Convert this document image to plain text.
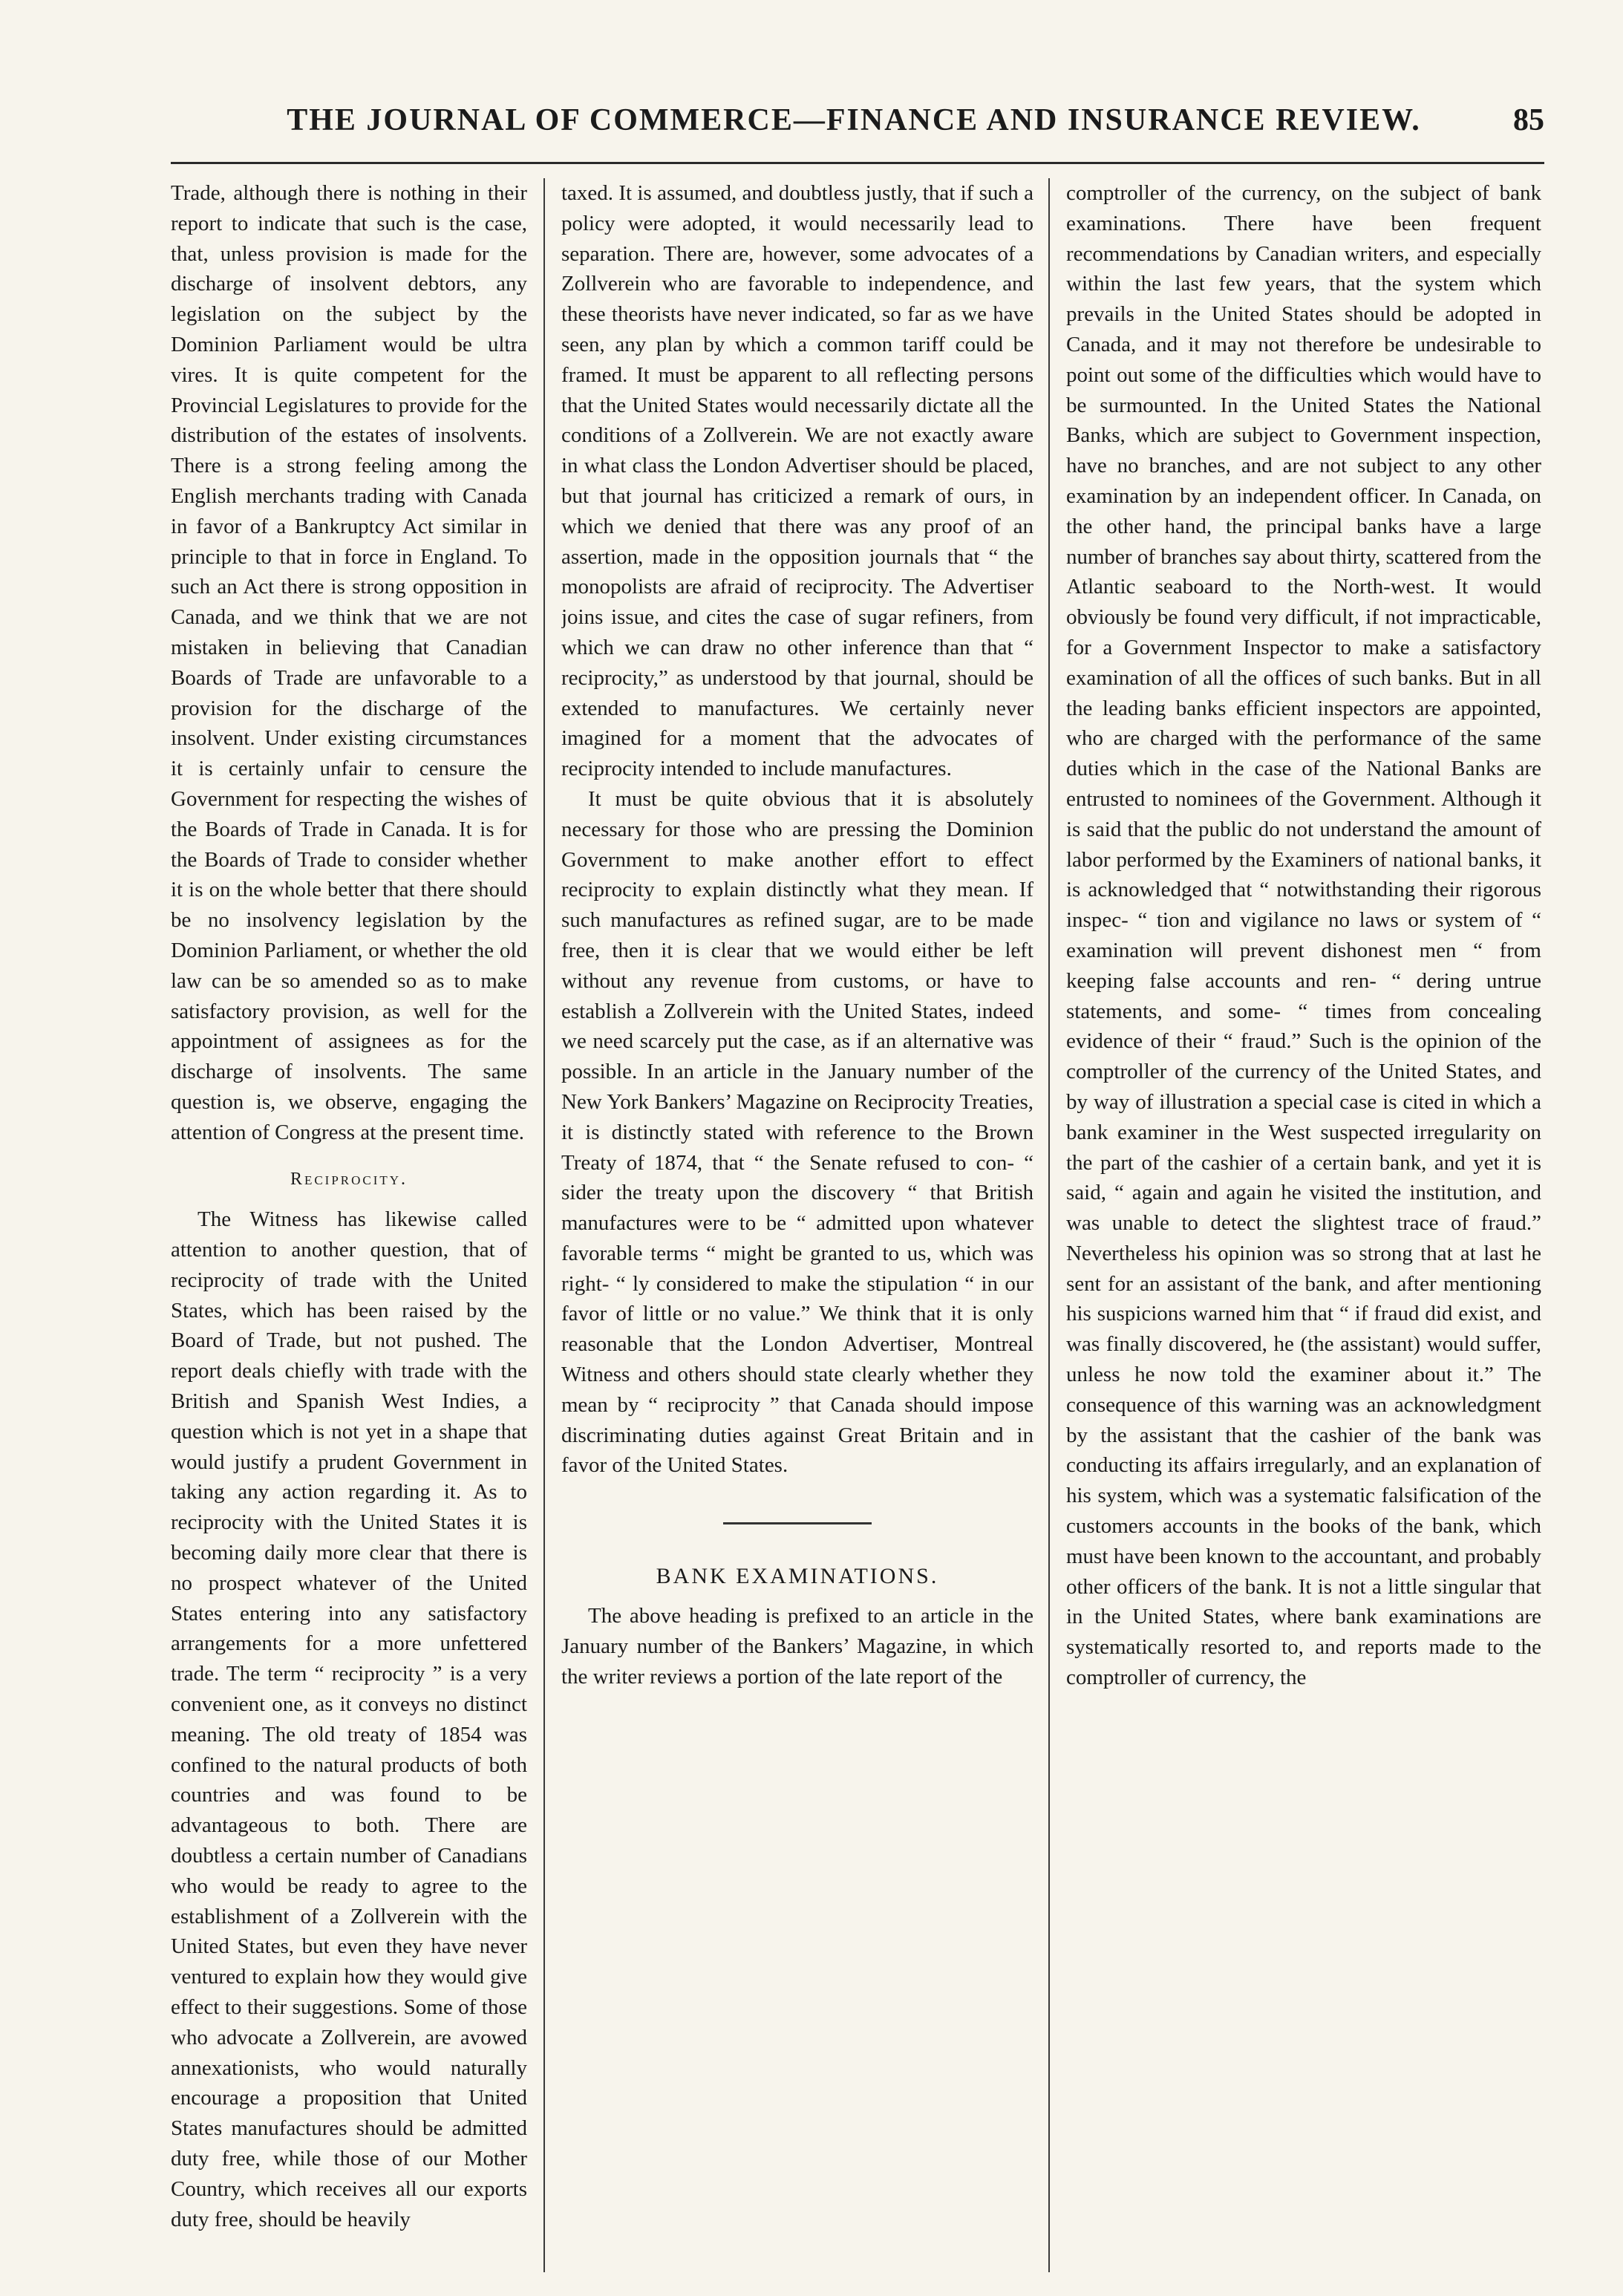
THE JOURNAL OF COMMERCE—FINANCE AND INSURANCE REVIEW.	85

Trade, although there is nothing in their report to indicate that such is the case, that, unless provision is made for the discharge of insolvent debtors, any legislation on the subject by the Dominion Parliament would be ultra vires. It is quite competent for the Provincial Legislatures to provide for the distribution of the estates of insolvents. There is a strong feeling among the English merchants trading with Canada in favor of a Bankruptcy Act similar in principle to that in force in England. To such an Act there is strong opposition in Canada, and we think that we are not mistaken in believing that Canadian Boards of Trade are unfavorable to a provision for the discharge of the insolvent. Under existing circumstances it is certainly unfair to censure the Government for respecting the wishes of the Boards of Trade in Canada. It is for the Boards of Trade to consider whether it is on the whole better that there should be no insolvency legislation by the Dominion Parliament, or whether the old law can be so amended so as to make satisfactory provision, as well for the appointment of assignees as for the discharge of insolvents. The same question is, we observe, engaging the attention of Congress at the present time.

Reciprocity.

The Witness has likewise called attention to another question, that of reciprocity of trade with the United States, which has been raised by the Board of Trade, but not pushed. The report deals chiefly with trade with the British and Spanish West Indies, a question which is not yet in a shape that would justify a prudent Government in taking any action regarding it. As to reciprocity with the United States it is becoming daily more clear that there is no prospect whatever of the United States entering into any satisfactory arrangements for a more unfettered trade. The term “ reciprocity ” is a very convenient one, as it conveys no distinct meaning. The old treaty of 1854 was confined to the natural products of both countries and was found to be advantageous to both. There are doubtless a certain number of Canadians who would be ready to agree to the establishment of a Zollverein with the United States, but even they have never ventured to explain how they would give effect to their suggestions. Some of those who advocate a Zollverein, are avowed annexationists, who would naturally encourage a proposition that United States manufactures should be admitted duty free, while those of our Mother Country, which receives all our exports duty free, should be heavily

taxed. It is assumed, and doubtless justly, that if such a policy were adopted, it would necessarily lead to separation. There are, however, some advocates of a Zollverein who are favorable to independence, and these theorists have never indicated, so far as we have seen, any plan by which a common tariff could be framed. It must be apparent to all reflecting persons that the United States would necessarily dictate all the conditions of a Zollverein. We are not exactly aware in what class the London Advertiser should be placed, but that journal has criticized a remark of ours, in which we denied that there was any proof of an assertion, made in the opposition journals that “ the monopolists are afraid of reciprocity. The Advertiser joins issue, and cites the case of sugar refiners, from which we can draw no other inference than that “ reciprocity,” as understood by that journal, should be extended to manufactures. We certainly never imagined for a moment that the advocates of reciprocity intended to include manufactures.

It must be quite obvious that it is absolutely necessary for those who are pressing the Dominion Government to make another effort to effect reciprocity to explain distinctly what they mean. If such manufactures as refined sugar, are to be made free, then it is clear that we would either be left without any revenue from customs, or have to establish a Zollverein with the United States, indeed we need scarcely put the case, as if an alternative was possible. In an article in the January number of the New York Bankers’ Magazine on Reciprocity Treaties, it is distinctly stated with reference to the Brown Treaty of 1874, that “ the Senate refused to con- “ sider the treaty upon the discovery “ that British manufactures were to be “ admitted upon whatever favorable terms “ might be granted to us, which was right- “ ly considered to make the stipulation “ in our favor of little or no value.” We think that it is only reasonable that the London Advertiser, Montreal Witness and others should state clearly whether they mean by “ reciprocity ” that Canada should impose discriminating duties against Great Britain and in favor of the United States.

BANK EXAMINATIONS.

The above heading is prefixed to an article in the January number of the Bankers’ Magazine, in which the writer reviews a portion of the late report of the

comptroller of the currency, on the subject of bank examinations. There have been frequent recommendations by Canadian writers, and especially within the last few years, that the system which prevails in the United States should be adopted in Canada, and it may not therefore be undesirable to point out some of the difficulties which would have to be surmounted. In the United States the National Banks, which are subject to Government inspection, have no branches, and are not subject to any other examination by an independent officer. In Canada, on the other hand, the principal banks have a large number of branches say about thirty, scattered from the Atlantic seaboard to the North-west. It would obviously be found very difficult, if not impracticable, for a Government Inspector to make a satisfactory examination of all the offices of such banks. But in all the leading banks efficient inspectors are appointed, who are charged with the performance of the same duties which in the case of the National Banks are entrusted to nominees of the Government. Although it is said that the public do not understand the amount of labor performed by the Examiners of national banks, it is acknowledged that “ notwithstanding their rigorous inspec- “ tion and vigilance no laws or system of “ examination will prevent dishonest men “ from keeping false accounts and ren- “ dering untrue statements, and some- “ times from concealing evidence of their “ fraud.” Such is the opinion of the comptroller of the currency of the United States, and by way of illustration a special case is cited in which a bank examiner in the West suspected irregularity on the part of the cashier of a certain bank, and yet it is said, “ again and again he visited the institution, and was unable to detect the slightest trace of fraud.” Nevertheless his opinion was so strong that at last he sent for an assistant of the bank, and after mentioning his suspicions warned him that “ if fraud did exist, and was finally discovered, he (the assistant) would suffer, unless he now told the examiner about it.” The consequence of this warning was an acknowledgment by the assistant that the cashier of the bank was conducting its affairs irregularly, and an explanation of his system, which was a systematic falsification of the customers accounts in the books of the bank, which must have been known to the accountant, and probably other officers of the bank. It is not a little singular that in the United States, where bank examinations are systematically resorted to, and reports made to the comptroller of currency, the
